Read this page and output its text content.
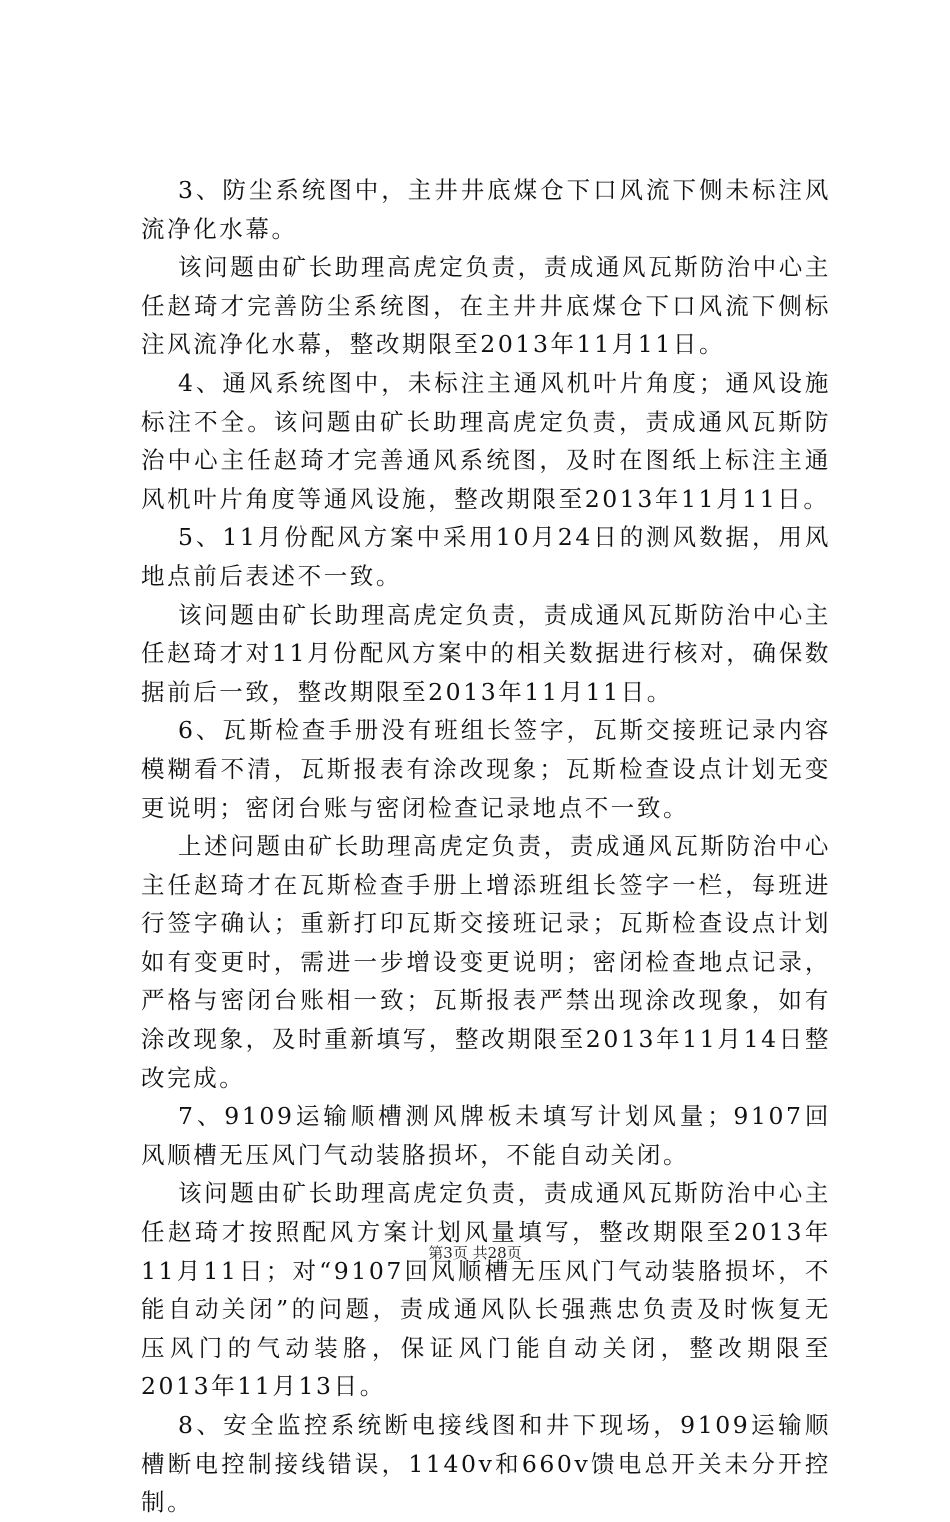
3、防尘系统图中，主井井底煤仓下口风流下侧未标注风流净化水幕。

该问题由矿长助理高虎定负责，责成通风瓦斯防治中心主任赵琦才完善防尘系统图，在主井井底煤仓下口风流下侧标注风流净化水幕，整改期限至2013年11月11日。

4、通风系统图中，未标注主通风机叶片角度；通风设施标注不全。该问题由矿长助理高虎定负责，责成通风瓦斯防治中心主任赵琦才完善通风系统图，及时在图纸上标注主通风机叶片角度等通风设施，整改期限至2013年11月11日。

5、11月份配风方案中采用10月24日的测风数据，用风地点前后表述不一致。

该问题由矿长助理高虎定负责，责成通风瓦斯防治中心主任赵琦才对11月份配风方案中的相关数据进行核对，确保数据前后一致，整改期限至2013年11月11日。

6、瓦斯检查手册没有班组长签字，瓦斯交接班记录内容模糊看不清，瓦斯报表有涂改现象；瓦斯检查设点计划无变更说明；密闭台账与密闭检查记录地点不一致。

上述问题由矿长助理高虎定负责，责成通风瓦斯防治中心主任赵琦才在瓦斯检查手册上增添班组长签字一栏，每班进行签字确认；重新打印瓦斯交接班记录；瓦斯检查设点计划如有变更时，需进一步增设变更说明；密闭检查地点记录，严格与密闭台账相一致；瓦斯报表严禁出现涂改现象，如有涂改现象，及时重新填写，整改期限至2013年11月14日整改完成。

7、9109运输顺槽测风牌板未填写计划风量；9107回风顺槽无压风门气动装胳损坏，不能自动关闭。

该问题由矿长助理高虎定负责，责成通风瓦斯防治中心主任赵琦才按照配风方案计划风量填写，整改期限至2013年11月11日；对“9107回风顺槽无压风门气动装胳损坏，不能自动关闭”的问题，责成通风队长强燕忠负责及时恢复无压风门的气动装胳，保证风门能自动关闭，整改期限至2013年11月13日。

8、安全监控系统断电接线图和井下现场，9109运输顺槽断电控制接线错误，1140v和660v馈电总开关未分开控制。

第3页 共28页
